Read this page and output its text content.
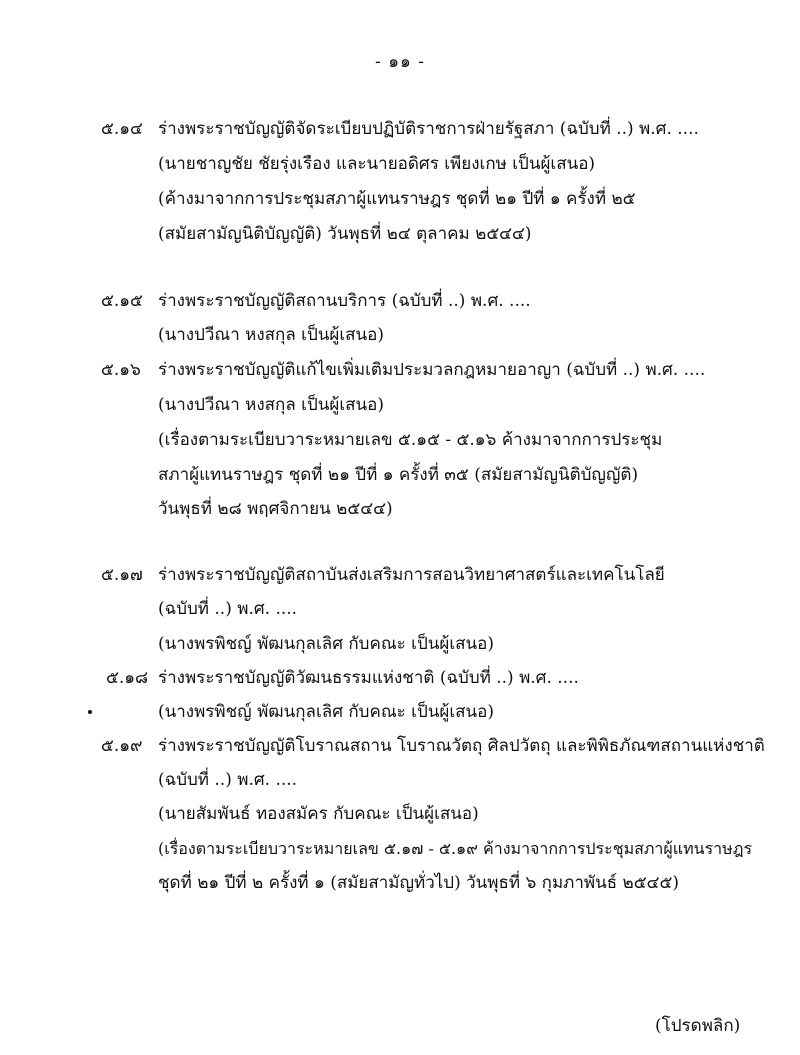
- ๑๑ -
๕.๑๔ ร่างพระราชบัญญัติจัดระเบียบปฏิบัติราชการฝ่ายรัฐสภา (ฉบับที่ ..) พ.ศ. ....
(นายชาญชัย ชัยรุ่งเรือง และนายอดิศร เพียงเกษ เป็นผู้เสนอ)
(ค้างมาจากการประชุมสภาผู้แทนราษฎร ชุดที่ ๒๑ ปีที่ ๑ ครั้งที่ ๒๕
(สมัยสามัญนิติบัญญัติ) วันพุธที่ ๒๔ ตุลาคม ๒๕๔๔)
๕.๑๕ ร่างพระราชบัญญัติสถานบริการ (ฉบับที่ ..) พ.ศ. ....
(นางปวีณา หงสกุล เป็นผู้เสนอ)
๕.๑๖ ร่างพระราชบัญญัติแก้ไขเพิ่มเติมประมวลกฎหมายอาญา (ฉบับที่ ..) พ.ศ. ....
(นางปวีณา หงสกุล เป็นผู้เสนอ)
(เรื่องตามระเบียบวาระหมายเลข ๕.๑๕ - ๕.๑๖ ค้างมาจากการประชุม
สภาผู้แทนราษฎร ชุดที่ ๒๑ ปีที่ ๑ ครั้งที่ ๓๕ (สมัยสามัญนิติบัญญัติ)
วันพุธที่ ๒๘ พฤศจิกายน ๒๕๔๔)
๕.๑๗ ร่างพระราชบัญญัติสถาบันส่งเสริมการสอนวิทยาศาสตร์และเทคโนโลยี
(ฉบับที่ ..) พ.ศ. ....
(นางพรพิชญ์ พัฒนกุลเลิศ กับคณะ เป็นผู้เสนอ)
๕.๑๘ ร่างพระราชบัญญัติวัฒนธรรมแห่งชาติ (ฉบับที่ ..) พ.ศ. ....
(นางพรพิชญ์ พัฒนกุลเลิศ กับคณะ เป็นผู้เสนอ)
๕.๑๙ ร่างพระราชบัญญัติโบราณสถาน โบราณวัตถุ ศิลปวัตถุ และพิพิธภัณฑสถานแห่งชาติ
(ฉบับที่ ..) พ.ศ. ....
(นายสัมพันธ์ ทองสมัคร กับคณะ เป็นผู้เสนอ)
(เรื่องตามระเบียบวาระหมายเลข ๕.๑๗ - ๕.๑๙ ค้างมาจากการประชุมสภาผู้แทนราษฎร
ชุดที่ ๒๑ ปีที่ ๒ ครั้งที่ ๑ (สมัยสามัญทั่วไป) วันพุธที่ ๖ กุมภาพันธ์ ๒๕๔๕)
(โปรดพลิก)
